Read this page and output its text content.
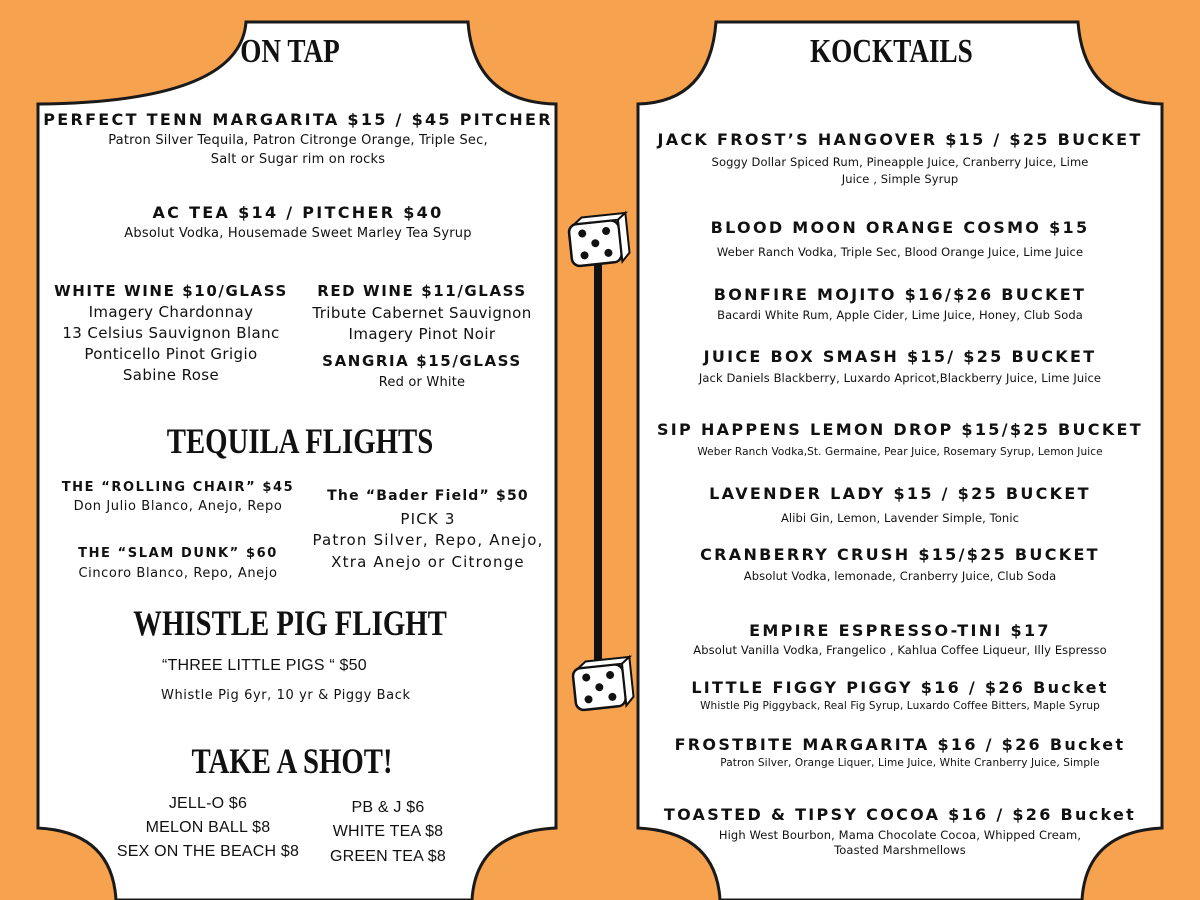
ON TAP
PERFECT TENN MARGARITA $15 / $45 PITCHER
Patron Silver Tequila, Patron Citronge Orange, Triple Sec,
Salt or Sugar rim on rocks
AC TEA $14 / PITCHER $40
Absolut Vodka, Housemade Sweet Marley Tea Syrup
WHITE WINE $10/GLASS
Imagery Chardonnay
13 Celsius Sauvignon Blanc
Ponticello Pinot Grigio
Sabine Rose
RED WINE $11/GLASS
Tribute Cabernet Sauvignon
Imagery Pinot Noir
SANGRIA $15/GLASS
Red or White
TEQUILA FLIGHTS
THE “ROLLING CHAIR” $45
Don Julio Blanco, Anejo, Repo
THE “SLAM DUNK” $60
Cincoro Blanco, Repo, Anejo
The “Bader Field” $50
PICK 3
Patron Silver, Repo, Anejo,
Xtra Anejo or Citronge
WHISTLE PIG FLIGHT
“THREE LITTLE PIGS “ $50
Whistle Pig 6yr, 10 yr & Piggy Back
TAKE A SHOT!
JELL-O $6
MELON BALL $8
SEX ON THE BEACH $8
PB & J $6
WHITE TEA $8
GREEN TEA $8
KOCKTAILS
JACK FROST’S HANGOVER $15 / $25 BUCKET
Soggy Dollar Spiced Rum, Pineapple Juice, Cranberry Juice, Lime
Juice , Simple Syrup
BLOOD MOON ORANGE COSMO $15
Weber Ranch Vodka, Triple Sec, Blood Orange Juice, Lime Juice
BONFIRE MOJITO $16/$26 BUCKET
Bacardi White Rum, Apple Cider, Lime Juice, Honey, Club Soda
JUICE BOX SMASH $15/ $25 BUCKET
Jack Daniels Blackberry, Luxardo Apricot,Blackberry Juice, Lime Juice
SIP HAPPENS LEMON DROP $15/$25 BUCKET
Weber Ranch Vodka,St. Germaine, Pear Juice, Rosemary Syrup, Lemon Juice
LAVENDER LADY $15 / $25 BUCKET
Alibi Gin, Lemon, Lavender Simple, Tonic
CRANBERRY CRUSH $15/$25 BUCKET
Absolut Vodka, lemonade, Cranberry Juice, Club Soda
EMPIRE ESPRESSO-TINI $17
Absolut Vanilla Vodka, Frangelico , Kahlua Coffee Liqueur, Illy Espresso
LITTLE FIGGY PIGGY $16 / $26 Bucket
Whistle Pig Piggyback, Real Fig Syrup, Luxardo Coffee Bitters, Maple Syrup
FROSTBITE MARGARITA $16 / $26 Bucket
Patron Silver, Orange Liquer, Lime Juice, White Cranberry Juice, Simple
TOASTED & TIPSY COCOA $16 / $26 Bucket
High West Bourbon, Mama Chocolate Cocoa, Whipped Cream,
Toasted Marshmellows
